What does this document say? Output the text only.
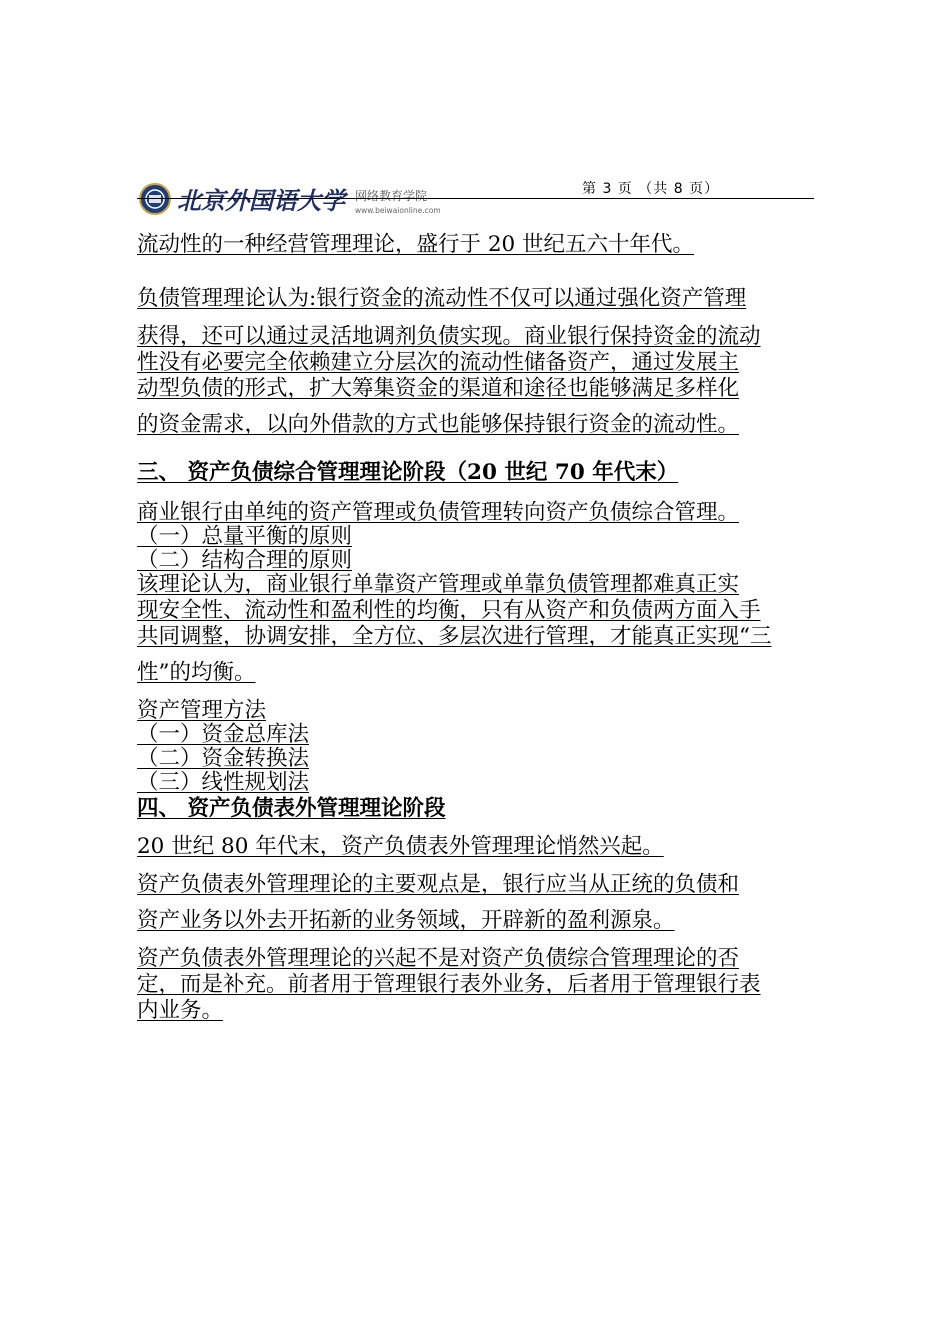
北京外国语大学 网络教育学院
www.beiwaionline.com
第 3 页 （共 8 页）
流动性的一种经营管理理论，盛行于 20 世纪五六十年代。
负债管理理论认为:银行资金的流动性不仅可以通过强化资产管理
获得，还可以通过灵活地调剂负债实现。商业银行保持资金的流动
性没有必要完全依赖建立分层次的流动性储备资产，通过发展主
动型负债的形式，扩大筹集资金的渠道和途径也能够满足多样化
的资金需求，以向外借款的方式也能够保持银行资金的流动性。
三、 资产负债综合管理理论阶段（20 世纪 70 年代末）
商业银行由单纯的资产管理或负债管理转向资产负债综合管理。
（一）总量平衡的原则
（二）结构合理的原则
该理论认为，商业银行单靠资产管理或单靠负债管理都难真正实
现安全性、流动性和盈利性的均衡，只有从资产和负债两方面入手
共同调整，协调安排，全方位、多层次进行管理，才能真正实现“三
性”的均衡。
资产管理方法
（一）资金总库法
（二）资金转换法
（三）线性规划法
四、 资产负债表外管理理论阶段
20 世纪 80 年代末，资产负债表外管理理论悄然兴起。
资产负债表外管理理论的主要观点是，银行应当从正统的负债和
资产业务以外去开拓新的业务领域，开辟新的盈利源泉。
资产负债表外管理理论的兴起不是对资产负债综合管理理论的否
定，而是补充。前者用于管理银行表外业务，后者用于管理银行表
内业务。
